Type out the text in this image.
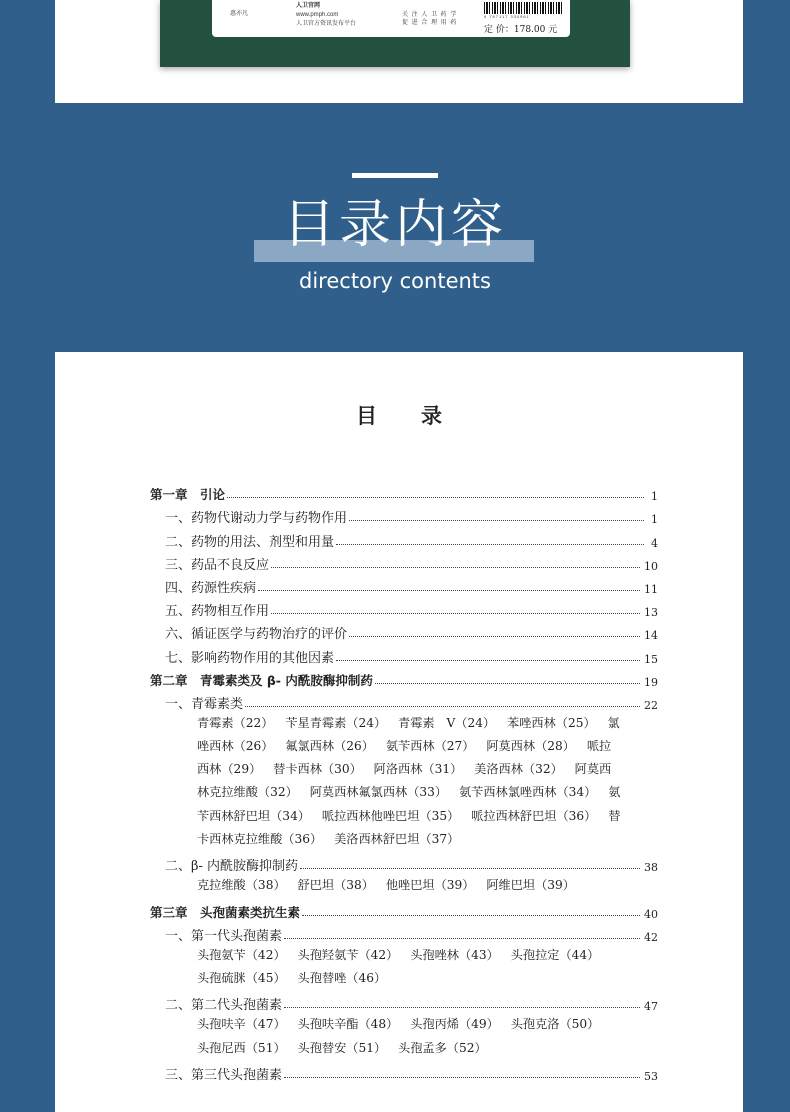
惠亦凡
人卫官网
www.pmph.com
人卫官方资讯发布平台
关 注 人 卫 药 学
促 进 合 理 用 药
9 787117 330961
定 价：178.00 元
目录内容
directory contents
目 录
第一章　引论	1
一、药物代谢动力学与药物作用	1
二、药物的用法、剂型和用量	4
三、药品不良反应	10
四、药源性疾病	11
五、药物相互作用	13
六、循证医学与药物治疗的评价	14
七、影响药物作用的其他因素	15
第二章　青霉素类及 β- 内酰胺酶抑制药	19
一、青霉素类	22
青霉素（22） 苄星青霉素（24） 青霉素 V（24） 苯唑西林（25） 氯唑西林（26） 氟氯西林（26） 氨苄西林（27） 阿莫西林（28） 哌拉西林（29） 替卡西林（30） 阿洛西林（31） 美洛西林（32） 阿莫西林克拉维酸（32） 阿莫西林氟氯西林（33） 氨苄西林氯唑西林（34） 氨苄西林舒巴坦（34） 哌拉西林他唑巴坦（35） 哌拉西林舒巴坦（36） 替卡西林克拉维酸（36） 美洛西林舒巴坦（37）
二、β- 内酰胺酶抑制药	38
克拉维酸（38） 舒巴坦（38） 他唑巴坦（39） 阿维巴坦（39）
第三章　头孢菌素类抗生素	40
一、第一代头孢菌素	42
头孢氨苄（42） 头孢羟氨苄（42） 头孢唑林（43） 头孢拉定（44） 头孢硫脒（45） 头孢替唑（46）
二、第二代头孢菌素	47
头孢呋辛（47） 头孢呋辛酯（48） 头孢丙烯（49） 头孢克洛（50） 头孢尼西（51） 头孢替安（51） 头孢孟多（52）
三、第三代头孢菌素	53
